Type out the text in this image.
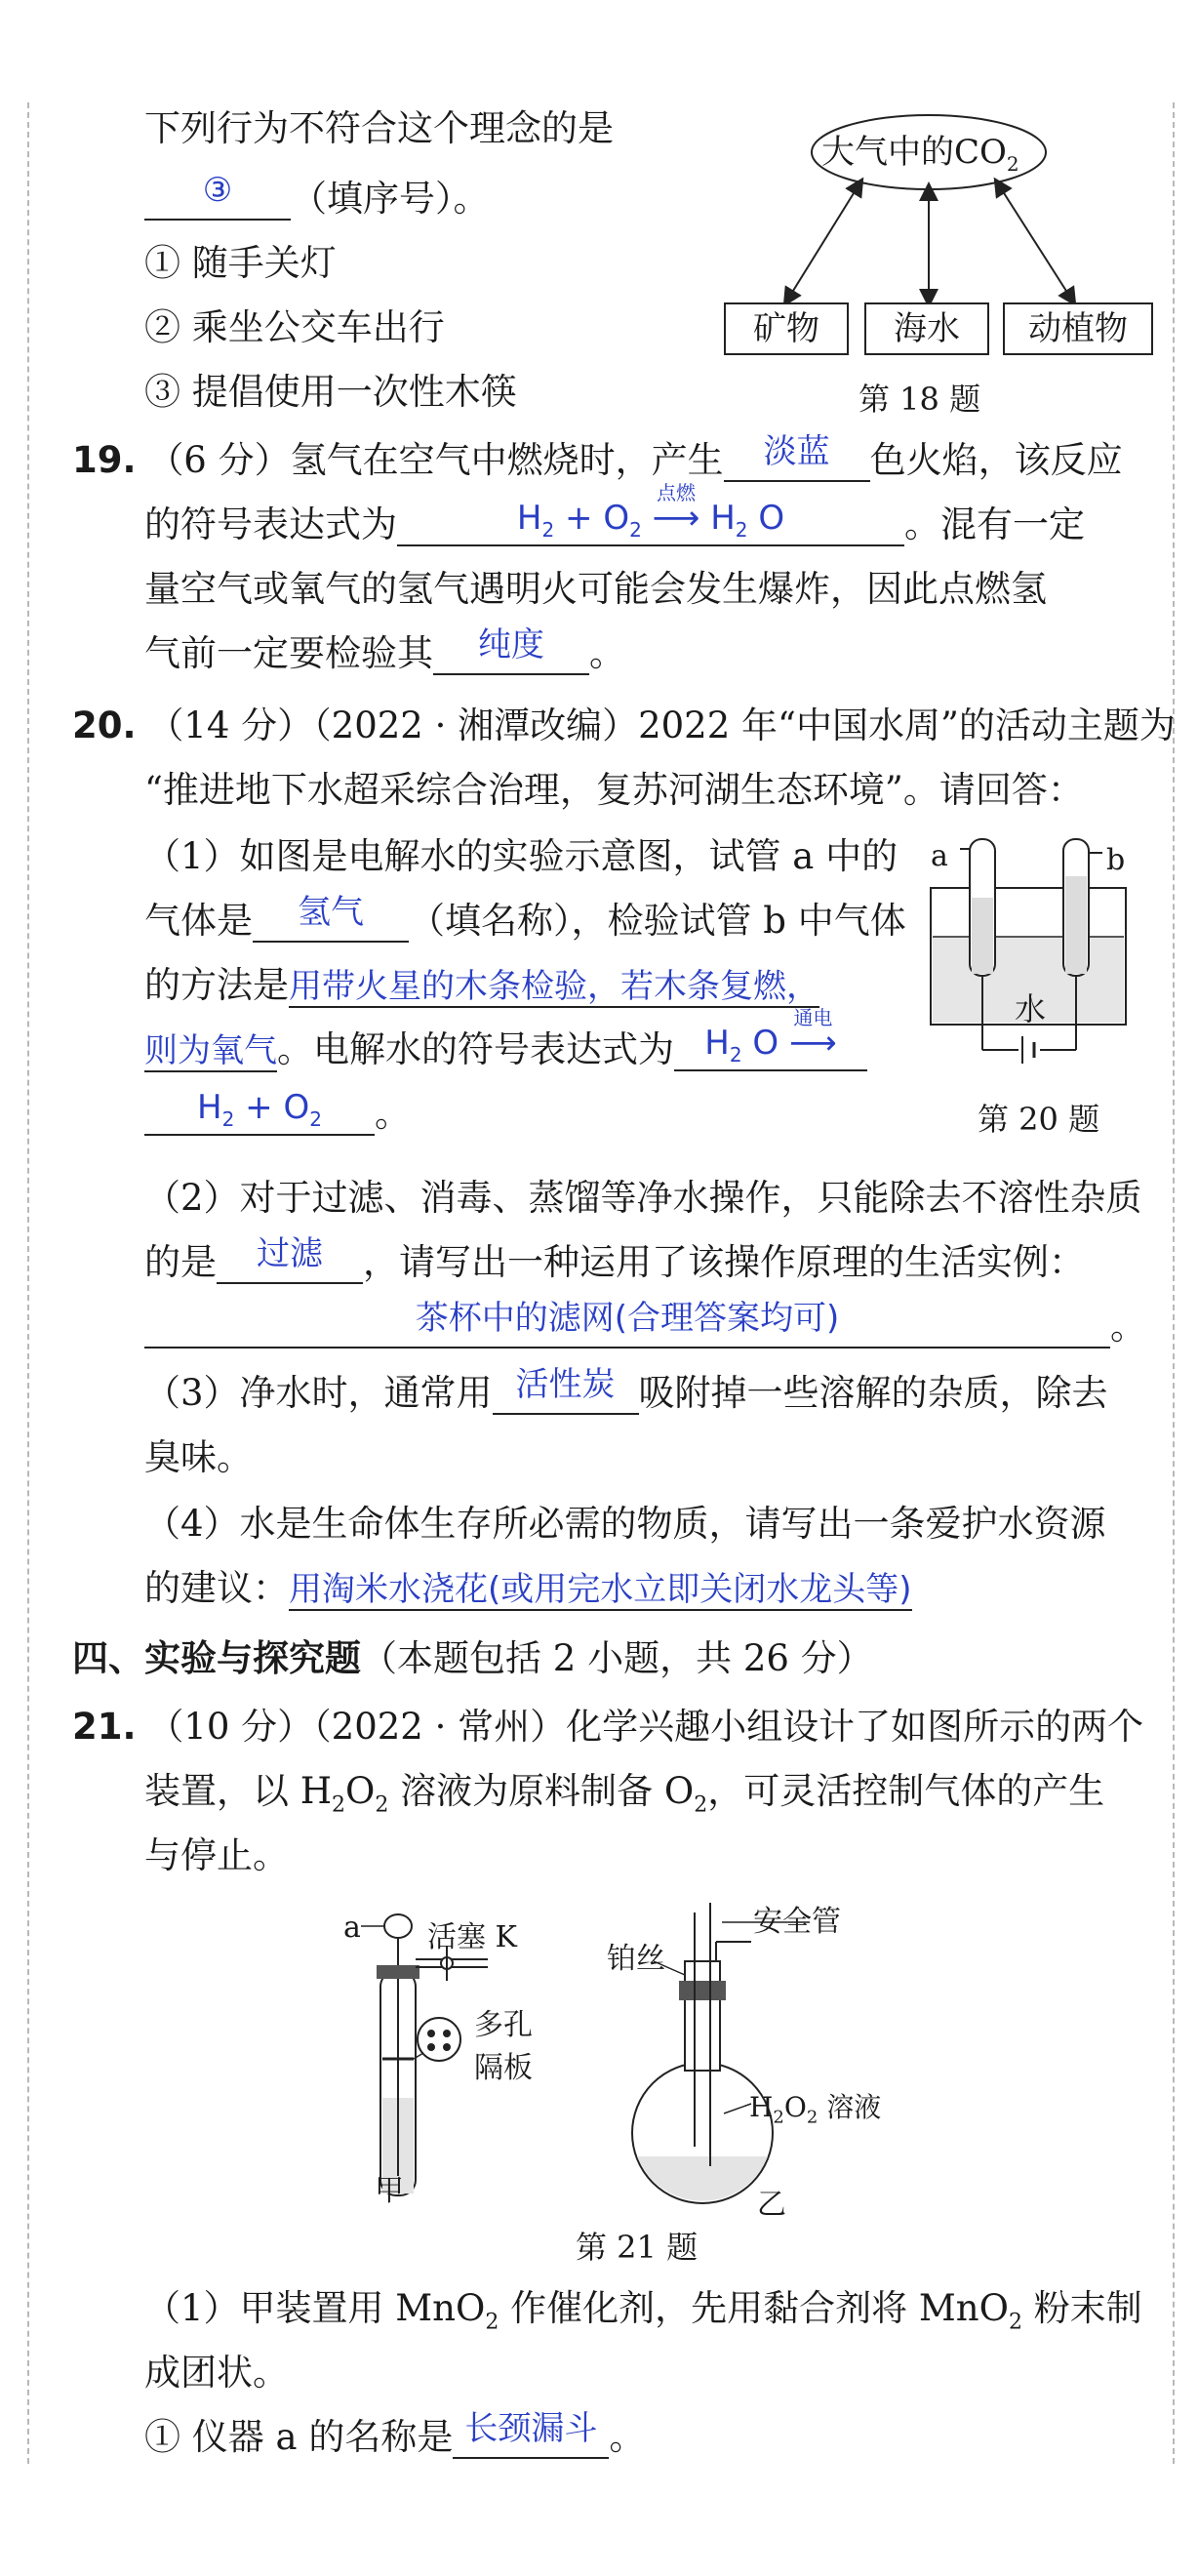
下列行为不符合这个理念的是
③ （填序号）。
① 随手关灯
② 乘坐公交车出行
③ 提倡使用一次性木筷
大气中的$CO_2$
矿物	海水	动植物
第 18 题
19. （6 分）氢气在空气中燃烧时，产生 淡蓝 色火焰，该反应
的符号表达式为	$H_2 + O_2$
点燃
⟶ $H_2$ O	。混有一定
量空气或氧气的氢气遇明火可能会发生爆炸，因此点燃氢
气前一定要检验其 纯度 。
20. （14 分）（2022 · 湘潭改编）2022 年“中国水周”的活动主题为
“推进地下水超采综合治理，复苏河湖生态环境”。请回答：
（1）如图是电解水的实验示意图，试管 a 中的
气体是 氢气 （填名称），检验试管 b 中气体
的方法是用带火星的木条检验，若木条复燃，
则为氧气。电解水的符号表达式为 $H_2$ O
通电
⟶
$H_2 + O_2$ 。
a	b
水
第 20 题
（2）对于过滤、消毒、蒸馏等净水操作，只能除去不溶性杂质
的是 过滤 ，请写出一种运用了该操作原理的生活实例：
茶杯中的滤网(合理答案均可)	。
（3）净水时，通常用 活性炭 吸附掉一些溶解的杂质，除去
臭味。
（4）水是生命体生存所必需的物质，请写出一条爱护水资源
的建议：用淘米水浇花(或用完水立即关闭水龙头等)
四、实验与探究题（本题包括 2 小题，共 26 分）
21. （10 分）（2022 · 常州）化学兴趣小组设计了如图所示的两个
装置，以 $H_2O_2$ 溶液为原料制备 $O_2$，可灵活控制气体的产生
与停止。
a 活塞 K
多孔
隔板
甲
铂丝
安全管
$H_2O_2$ 溶液
乙
第 21 题
（1）甲装置用 MnO$_2$ 作催化剂，先用黏合剂将 MnO$_2$ 粉末制
成团状。
① 仪器 a 的名称是 长颈漏斗 。
